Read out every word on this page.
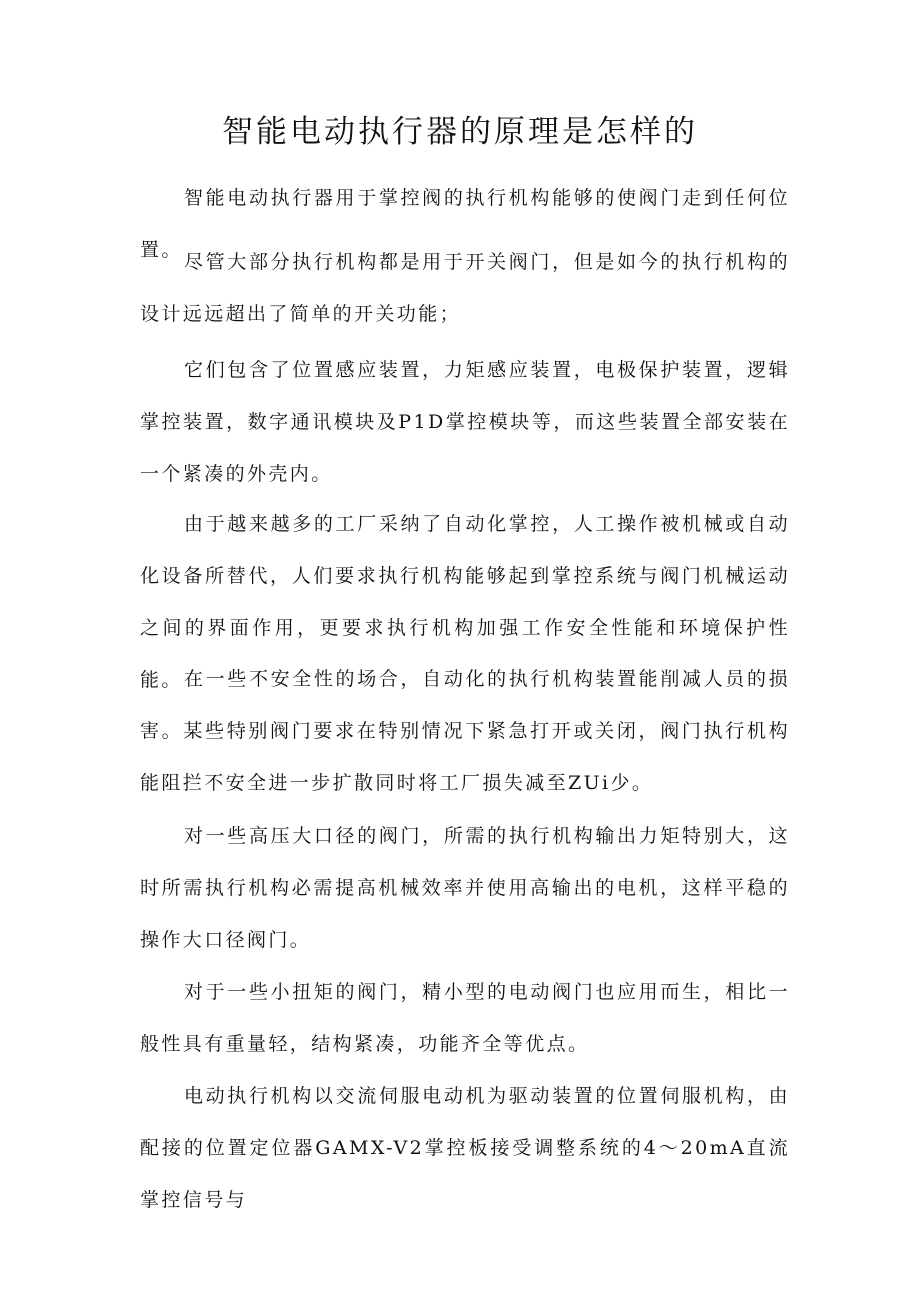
智能电动执行器的原理是怎样的

智能电动执行器用于掌控阀的执行机构能够的使阀门走到任何位置。

尽管大部分执行机构都是用于开关阀门，但是如今的执行机构的设计远远超出了简单的开关功能；

它们包含了位置感应装置，力矩感应装置，电极保护装置，逻辑掌控装置，数字通讯模块及P1D掌控模块等，而这些装置全部安装在一个紧凑的外壳内。

由于越来越多的工厂采纳了自动化掌控，人工操作被机械或自动化设备所替代，人们要求执行机构能够起到掌控系统与阀门机械运动之间的界面作用，更要求执行机构加强工作安全性能和环境保护性能。 在一些不安全性的场合，自动化的执行机构装置能削减人员的损害。某些特别阀门要求在特别情况下紧急打开或关闭，阀门执行机构能阻拦不安全进一步扩散同时将工厂损失减至ZUi少。

对一些高压大口径的阀门，所需的执行机构输出力矩特别大，这时所需执行机构必需提高机械效率并使用高输出的电机，这样平稳的操作大口径阀门。

对于一些小扭矩的阀门，精小型的电动阀门也应用而生，相比一般性具有重量轻，结构紧凑，功能齐全等优点。

电动执行机构以交流伺服电动机为驱动装置的位置伺服机构，由配接的位置定位器GAMX-V2掌控板接受调整系统的4～20mA直流掌控信号与
